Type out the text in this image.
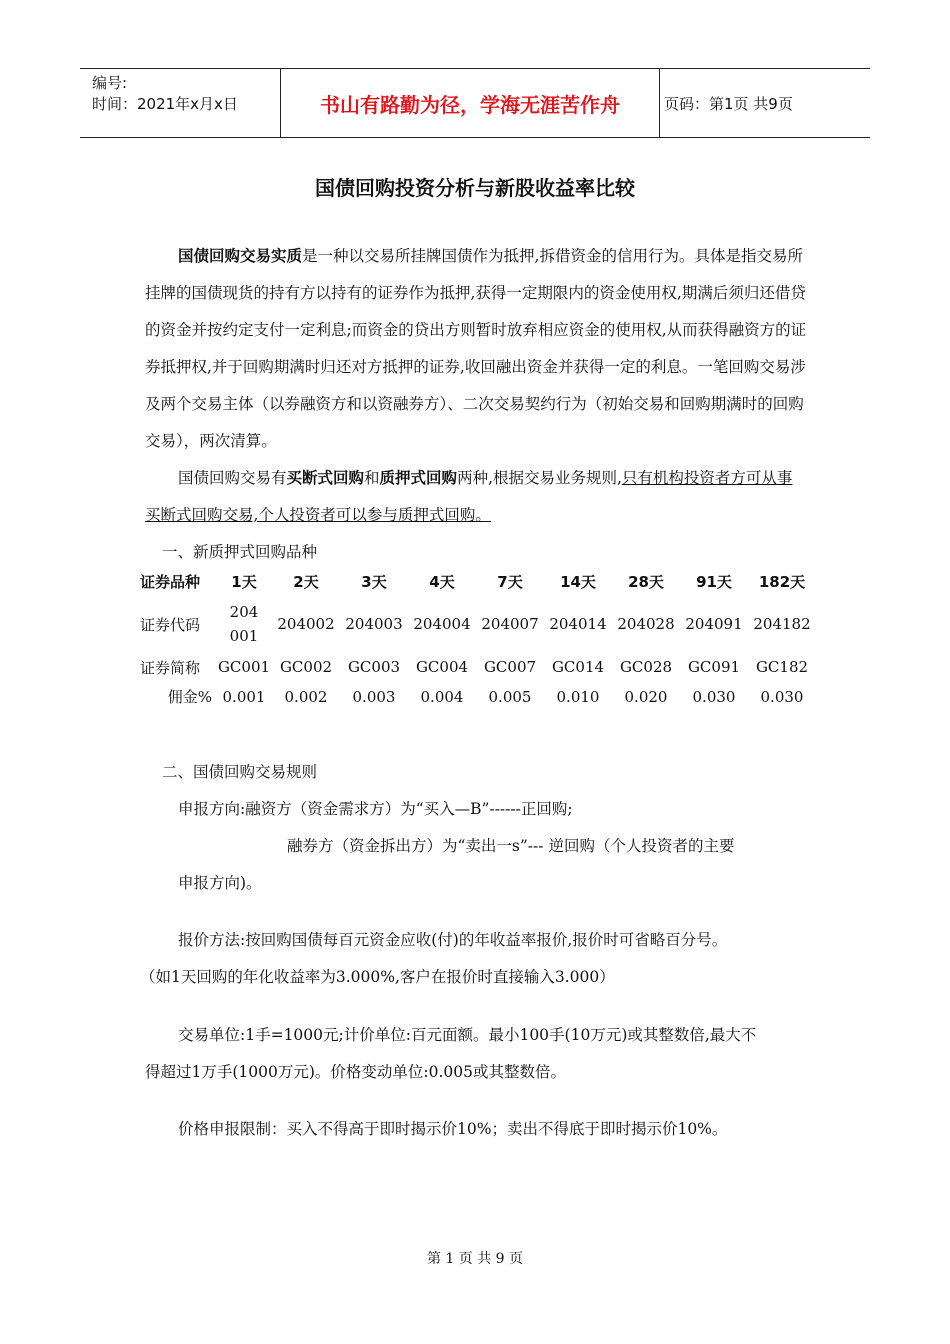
编号:
时间：2021年x月x日	书山有路勤为径，学海无涯苦作舟	页码：第1页 共9页
国债回购投资分析与新股收益率比较

国债回购交易实质是一种以交易所挂牌国债作为抵押,拆借资金的信用行为。具体是指交易所挂牌的国债现货的持有方以持有的证券作为抵押,获得一定期限内的资金使用权,期满后须归还借贷的资金并按约定支付一定利息;而资金的贷出方则暂时放弃相应资金的使用权,从而获得融资方的证券抵押权,并于回购期满时归还对方抵押的证券,收回融出资金并获得一定的利息。一笔回购交易涉及两个交易主体（以券融资方和以资融券方）、二次交易契约行为（初始交易和回购期满时的回购交易），两次清算。

国债回购交易有买断式回购和质押式回购两种,根据交易业务规则,只有机构投资者方可从事买断式回购交易,个人投资者可以参与质押式回购。

一、新质押式回购品种
证券品种	1天	2天	3天	4天	7天	14天	28天	91天	182天
证券代码	204001	204002	204003	204004	204007	204014	204028	204091	204182
证券简称	GC001	GC002	GC003	GC004	GC007	GC014	GC028	GC091	GC182
佣金%	0.001	0.002	0.003	0.004	0.005	0.010	0.020	0.030	0.030
二、国债回购交易规则
申报方向:融资方（资金需求方）为“买入—B”------正回购;
融券方（资金拆出方）为“卖出一s”--- 逆回购（个人投资者的主要
申报方向)。
报价方法:按回购国债每百元资金应收(付)的年收益率报价,报价时可省略百分号。
（如1天回购的年化收益率为3.000%,客户在报价时直接输入3.000）
交易单位:1手=1000元;计价单位:百元面额。最小100手(10万元)或其整数倍,最大不
得超过1万手(1000万元)。价格变动单位:0.005或其整数倍。
价格申报限制：买入不得高于即时揭示价10%；卖出不得底于即时揭示价10%。
第 1 页 共 9 页
